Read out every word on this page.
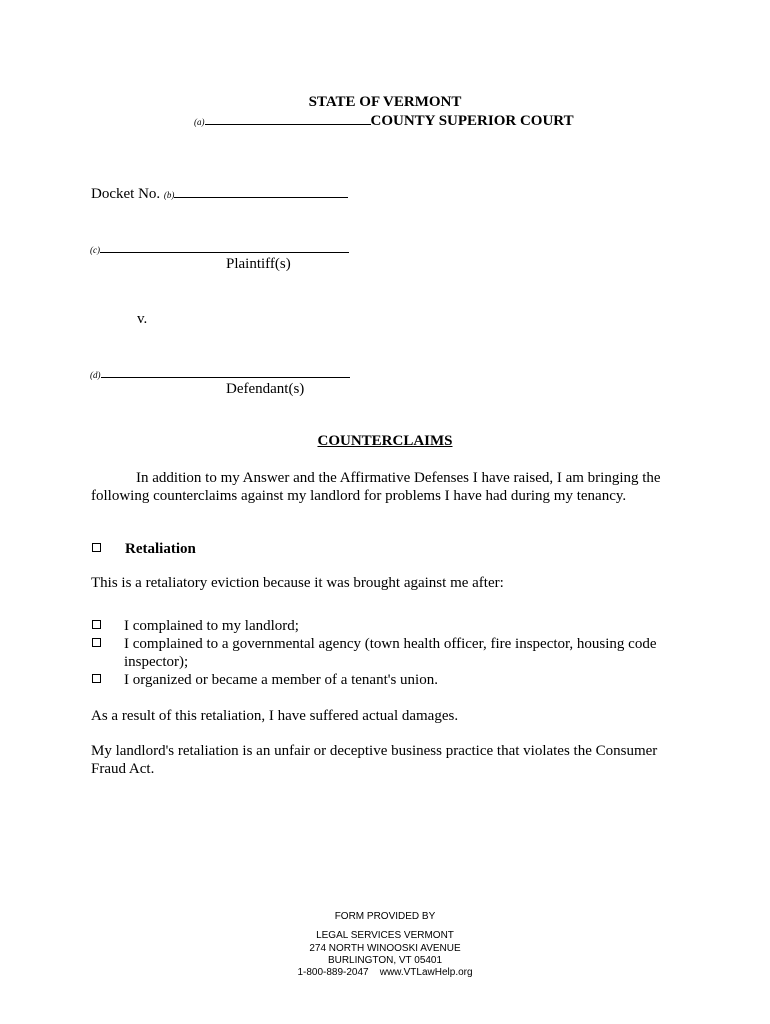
STATE OF VERMONT
(a)	COUNTY SUPERIOR COURT
Docket No. (b)
(c)
Plaintiff(s)
v.
(d)
Defendant(s)
COUNTERCLAIMS
In addition to my Answer and the Affirmative Defenses I have raised, I am bringing the following counterclaims against my landlord for problems I have had during my tenancy.
Retaliation
This is a retaliatory eviction because it was brought against me after:
I complained to my landlord;
I complained to a governmental agency (town health officer, fire inspector, housing code inspector);
I organized or became a member of a tenant's union.
As a result of this retaliation, I have suffered actual damages.
My landlord's retaliation is an unfair or deceptive business practice that violates the Consumer Fraud Act.
FORM PROVIDED BY
LEGAL SERVICES VERMONT
274 NORTH WINOOSKI AVENUE
BURLINGTON, VT 05401
1-800-889-2047 www.VTLawHelp.org
